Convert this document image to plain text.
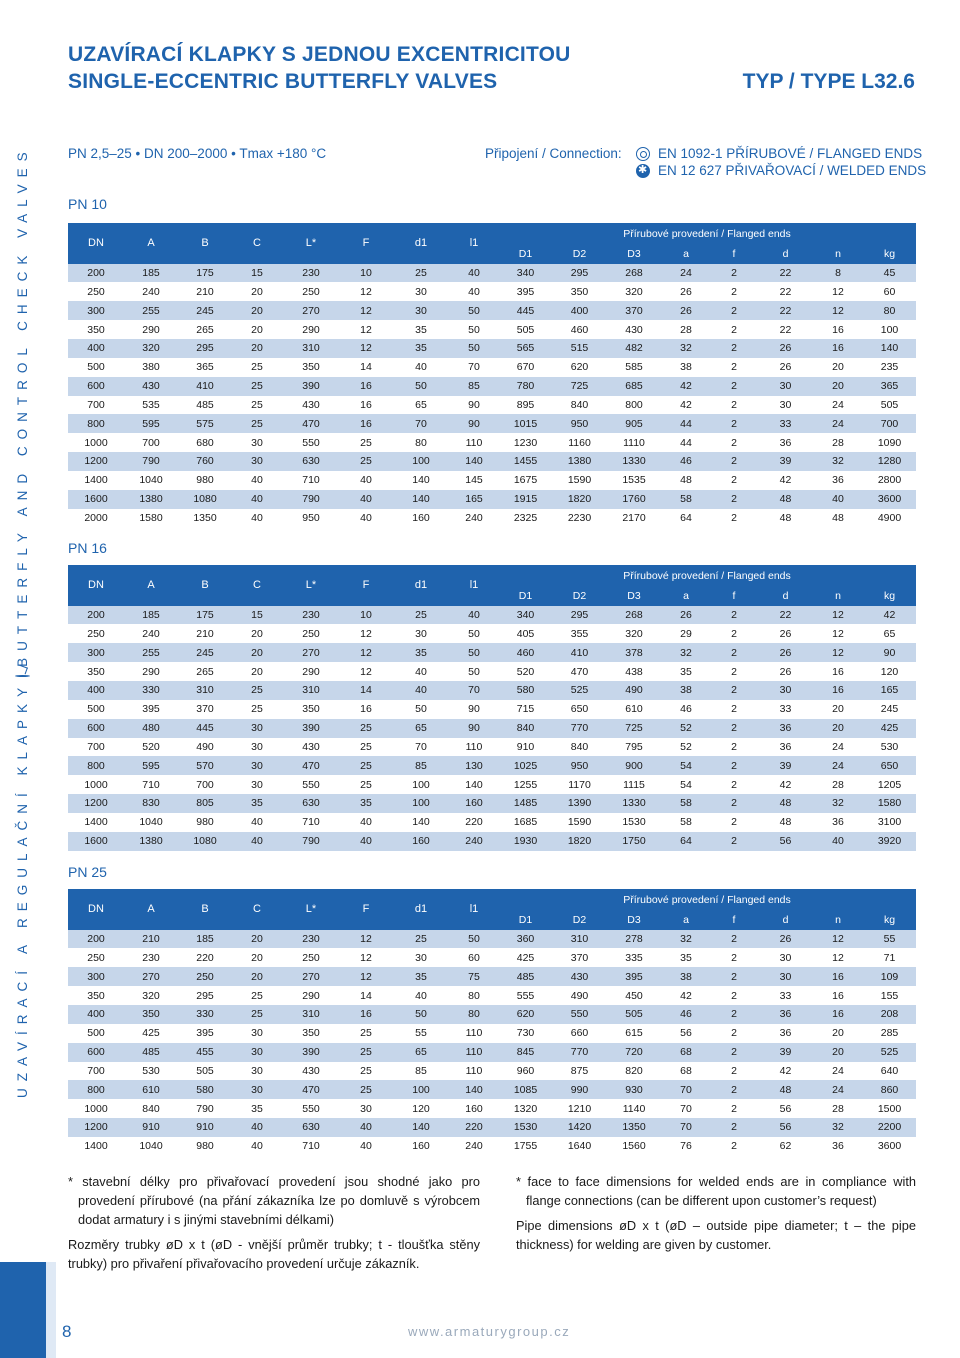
UZAVÍRACÍ A REGULAČNÍ KLAPKY
BUTTERFLY AND CONTROL CHECK VALVES
UZAVÍRACÍ KLAPKY S JEDNOU EXCENTRICITOU
SINGLE-ECCENTRIC BUTTERFLY VALVES	TYP / TYPE L32.6
PN 2,5–25 • DN 200–2000 • Tmax +180 °C	Připojení / Connection:	EN 1092-1 PŘÍRUBOVÉ / FLANGED ENDS
✱
EN 12 627 PŘIVAŘOVACÍ / WELDED ENDS
PN 10
DN	A	B	C	L*	F	d1	l1	Přírubové provedení / Flanged ends							
								D1	D2	D3	a	f	d	n	kg
200	185	175	15	230	10	25	40	340	295	268	24	2	22	8	45
250	240	210	20	250	12	30	40	395	350	320	26	2	22	12	60
300	255	245	20	270	12	30	50	445	400	370	26	2	22	12	80
350	290	265	20	290	12	35	50	505	460	430	28	2	22	16	100
400	320	295	20	310	12	35	50	565	515	482	32	2	26	16	140
500	380	365	25	350	14	40	70	670	620	585	38	2	26	20	235
600	430	410	25	390	16	50	85	780	725	685	42	2	30	20	365
700	535	485	25	430	16	65	90	895	840	800	42	2	30	24	505
800	595	575	25	470	16	70	90	1015	950	905	44	2	33	24	700
1000	700	680	30	550	25	80	110	1230	1160	1110	44	2	36	28	1090
1200	790	760	30	630	25	100	140	1455	1380	1330	46	2	39	32	1280
1400	1040	980	40	710	40	140	145	1675	1590	1535	48	2	42	36	2800
1600	1380	1080	40	790	40	140	165	1915	1820	1760	58	2	48	40	3600
2000	1580	1350	40	950	40	160	240	2325	2230	2170	64	2	48	48	4900
PN 16
DN	A	B	C	L*	F	d1	l1	Přírubové provedení / Flanged ends							
								D1	D2	D3	a	f	d	n	kg
200	185	175	15	230	10	25	40	340	295	268	26	2	22	12	42
250	240	210	20	250	12	30	50	405	355	320	29	2	26	12	65
300	255	245	20	270	12	35	50	460	410	378	32	2	26	12	90
350	290	265	20	290	12	40	50	520	470	438	35	2	26	16	120
400	330	310	25	310	14	40	70	580	525	490	38	2	30	16	165
500	395	370	25	350	16	50	90	715	650	610	46	2	33	20	245
600	480	445	30	390	25	65	90	840	770	725	52	2	36	20	425
700	520	490	30	430	25	70	110	910	840	795	52	2	36	24	530
800	595	570	30	470	25	85	130	1025	950	900	54	2	39	24	650
1000	710	700	30	550	25	100	140	1255	1170	1115	54	2	42	28	1205
1200	830	805	35	630	35	100	160	1485	1390	1330	58	2	48	32	1580
1400	1040	980	40	710	40	140	220	1685	1590	1530	58	2	48	36	3100
1600	1380	1080	40	790	40	160	240	1930	1820	1750	64	2	56	40	3920
PN 25
DN	A	B	C	L*	F	d1	l1	Přírubové provedení / Flanged ends							
								D1	D2	D3	a	f	d	n	kg
200	210	185	20	230	12	25	50	360	310	278	32	2	26	12	55
250	230	220	20	250	12	30	60	425	370	335	35	2	30	12	71
300	270	250	20	270	12	35	75	485	430	395	38	2	30	16	109
350	320	295	25	290	14	40	80	555	490	450	42	2	33	16	155
400	350	330	25	310	16	50	80	620	550	505	46	2	36	16	208
500	425	395	30	350	25	55	110	730	660	615	56	2	36	20	285
600	485	455	30	390	25	65	110	845	770	720	68	2	39	20	525
700	530	505	30	430	25	85	110	960	875	820	68	2	42	24	640
800	610	580	30	470	25	100	140	1085	990	930	70	2	48	24	860
1000	840	790	35	550	30	120	160	1320	1210	1140	70	2	56	28	1500
1200	910	910	40	630	40	140	220	1530	1420	1350	70	2	56	32	2200
1400	1040	980	40	710	40	160	240	1755	1640	1560	76	2	62	36	3600
* stavební délky pro přivařovací provedení jsou shodné jako pro provedení přírubové (na přání zákazníka lze po domluvě s výrobcem dodat armatury i s jinými stavebními délkami)
Rozměry trubky øD x t (øD - vnější průměr trubky; t - tloušťka stěny trubky) pro přivaření přivařovacího provedení určuje zákazník.
* face to face dimensions for welded ends are in compliance with flange connections (can be different upon customer’s request)
Pipe dimensions øD x t (øD – outside pipe diameter; t – the pipe thickness) for welding are given by customer.
8	www.armaturygroup.cz
